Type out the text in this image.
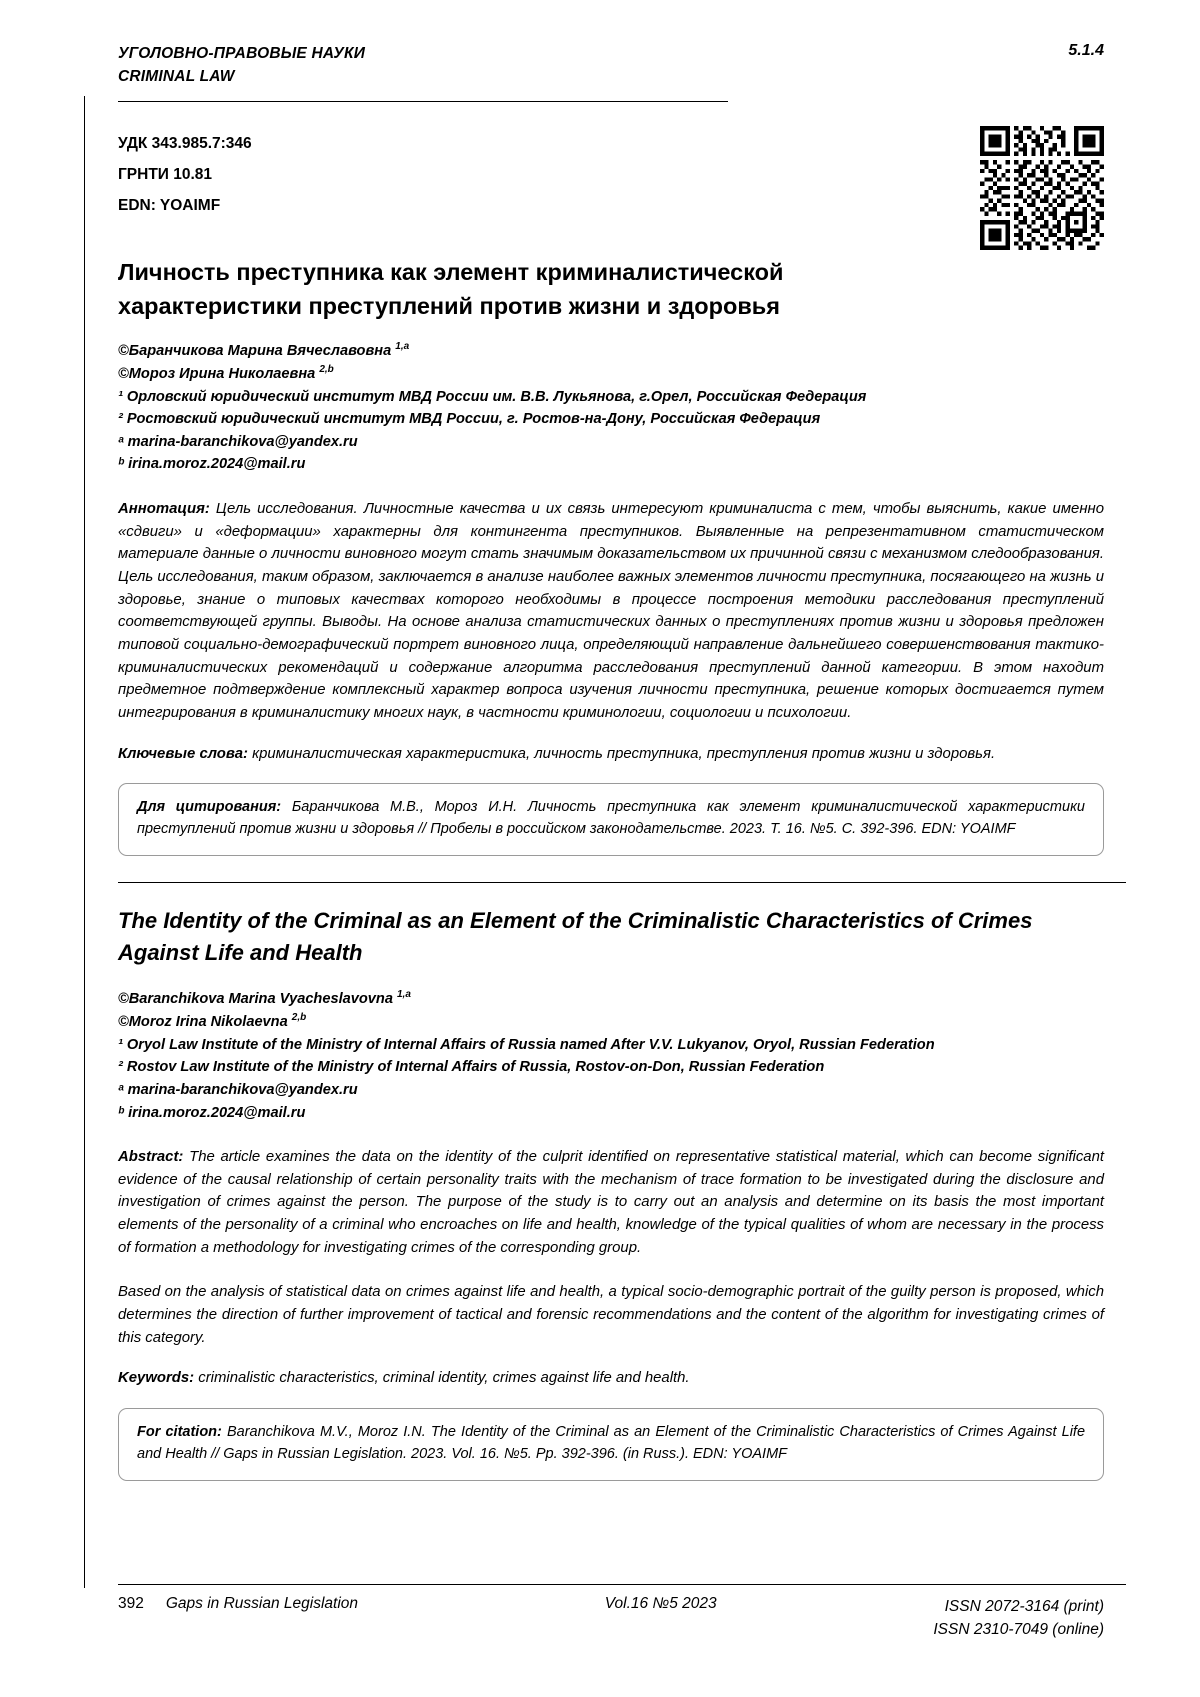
УГОЛОВНО-ПРАВОВЫЕ НАУКИ
CRIMINAL LAW
5.1.4
УДК 343.985.7:346
ГРНТИ 10.81
EDN: YOAIMF
Личность преступника как элемент криминалистической характеристики преступлений против жизни и здоровья
©Баранчикова Марина Вячеславовна $^{1,a}$
©Мороз Ирина Николаевна $^{2,b}$
¹ Орловский юридический институт МВД России им. В.В. Лукьянова, г.Орел, Российская Федерация
² Ростовский юридический институт МВД России, г. Ростов-на-Дону, Российская Федерация
ᵃ marina-baranchikova@yandex.ru
ᵇ irina.moroz.2024@mail.ru

Аннотация: Цель исследования. Личностные качества и их связь интересуют криминалиста с тем, чтобы выяснить, какие именно «сдвиги» и «деформации» характерны для контингента преступников. Выявленные на репрезентативном статистическом материале данные о личности виновного могут стать значимым доказательством их причинной связи с механизмом следообразования. Цель исследования, таким образом, заключается в анализе наиболее важных элементов личности преступника, посягающего на жизнь и здоровье, знание о типовых качествах которого необходимы в процессе построения методики расследования преступлений соответствующей группы. Выводы. На основе анализа статистических данных о преступлениях против жизни и здоровья предложен типовой социально-демографический портрет виновного лица, определяющий направление дальнейшего совершенствования тактико-криминалистических рекомендаций и содержание алгоритма расследования преступлений данной категории. В этом находит предметное подтверждение комплексный характер вопроса изучения личности преступника, решение которых достигается путем интегрирования в криминалистику многих наук, в частности криминологии, социологии и психологии.

Ключевые слова: криминалистическая характеристика, личность преступника, преступления против жизни и здоровья.

Для цитирования: Баранчикова М.В., Мороз И.Н. Личность преступника как элемент криминалистической характеристики преступлений против жизни и здоровья // Пробелы в российском законодательстве. 2023. Т. 16. №5. С. 392-396. EDN: YOAIMF
The Identity of the Criminal as an Element of the Criminalistic Characteristics of Crimes Against Life and Health
©Baranchikova Marina Vyacheslavovna $^{1,a}$
©Moroz Irina Nikolaevna $^{2,b}$
¹ Oryol Law Institute of the Ministry of Internal Affairs of Russia named After V.V. Lukyanov, Oryol, Russian Federation
² Rostov Law Institute of the Ministry of Internal Affairs of Russia, Rostov-on-Don, Russian Federation
ᵃ marina-baranchikova@yandex.ru
ᵇ irina.moroz.2024@mail.ru

Abstract: The article examines the data on the identity of the culprit identified on representative statistical material, which can become significant evidence of the causal relationship of certain personality traits with the mechanism of trace formation to be investigated during the disclosure and investigation of crimes against the person. The purpose of the study is to carry out an analysis and determine on its basis the most important elements of the personality of a criminal who encroaches on life and health, knowledge of the typical qualities of whom are necessary in the process of formation a methodology for investigating crimes of the corresponding group.

Based on the analysis of statistical data on crimes against life and health, a typical socio-demographic portrait of the guilty person is proposed, which determines the direction of further improvement of tactical and forensic recommendations and the content of the algorithm for investigating crimes of this category.

Keywords: criminalistic characteristics, criminal identity, crimes against life and health.

For citation: Baranchikova M.V., Moroz I.N. The Identity of the Criminal as an Element of the Criminalistic Characteristics of Crimes Against Life and Health // Gaps in Russian Legislation. 2023. Vol. 16. №5. Pp. 392-396. (in Russ.). EDN: YOAIMF
392 Gaps in Russian Legislation	Vol.16 №5 2023	ISSN 2072-3164 (print)
ISSN 2310-7049 (online)
